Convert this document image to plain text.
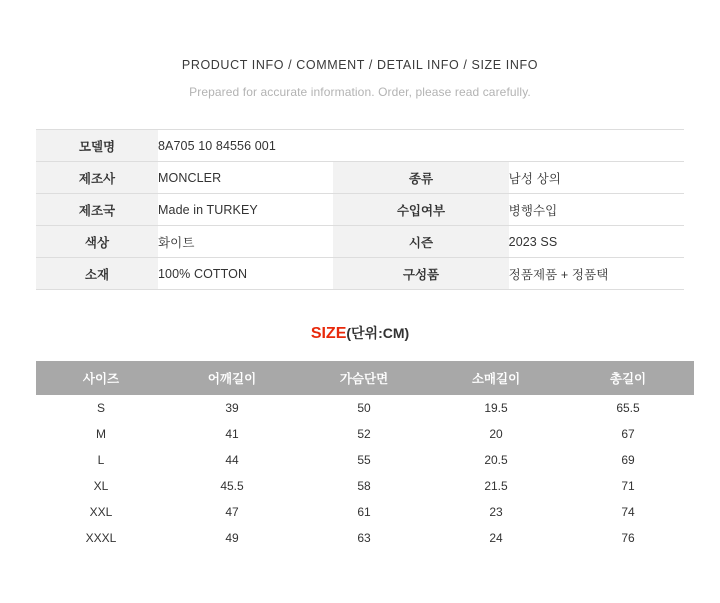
PRODUCT INFO / COMMENT / DETAIL INFO / SIZE INFO
Prepared for accurate information. Order, please read carefully.
모델명	8A705 10 84556 001		
제조사	MONCLER	종류	남성 상의
제조국	Made in TURKEY	수입여부	병행수입
색상	화이트	시즌	2023 SS
소재	100% COTTON	구성품	정품제품 + 정품택
SIZE(단위:CM)
사이즈	어깨길이	가슴단면	소매길이	총길이
S	39	50	19.5	65.5
M	41	52	20	67
L	44	55	20.5	69
XL	45.5	58	21.5	71
XXL	47	61	23	74
XXXL	49	63	24	76
